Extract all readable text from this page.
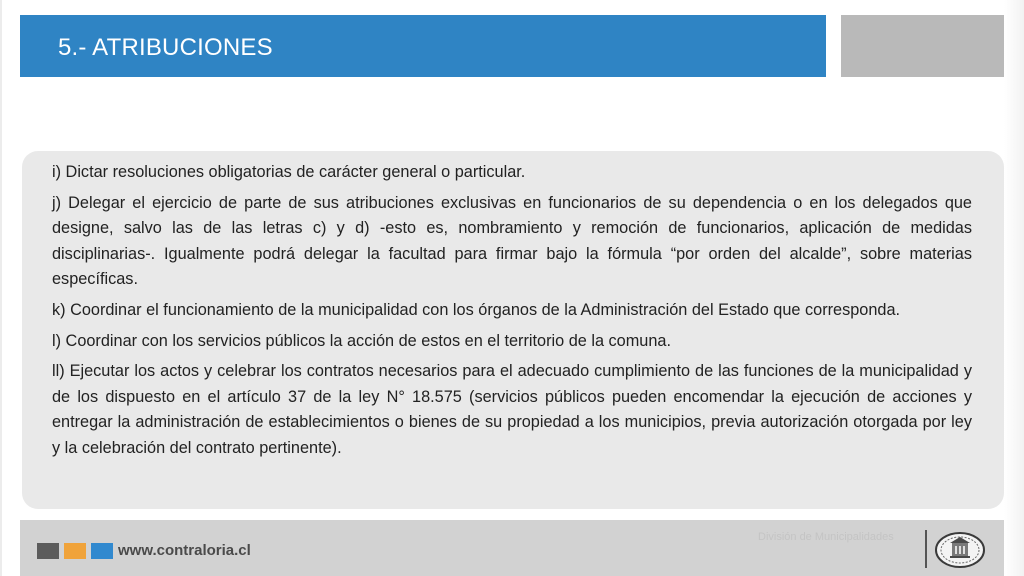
5.- ATRIBUCIONES

i) Dictar resoluciones obligatorias de carácter general o particular.

j) Delegar el ejercicio de parte de sus atribuciones exclusivas en funcionarios de su dependencia o en los delegados que designe, salvo las de las letras c) y d) -esto es, nombramiento y remoción de funcionarios, aplicación de medidas disciplinarias-. Igualmente podrá delegar la facultad para firmar bajo la fórmula “por orden del alcalde”, sobre materias específicas.

k) Coordinar el funcionamiento de la municipalidad con los órganos de la Administración del Estado que corresponda.

l) Coordinar con los servicios públicos la acción de estos en el territorio de la comuna.

ll) Ejecutar los actos y celebrar los contratos necesarios para el adecuado cumplimiento de las funciones de la municipalidad y de los dispuesto en el artículo 37 de la ley N° 18.575 (servicios públicos pueden encomendar la ejecución de acciones y entregar la administración de establecimientos o bienes de su propiedad a los municipios, previa autorización otorgada por ley y la celebración del contrato pertinente).

www.contraloria.cl
División de Municipalidades
